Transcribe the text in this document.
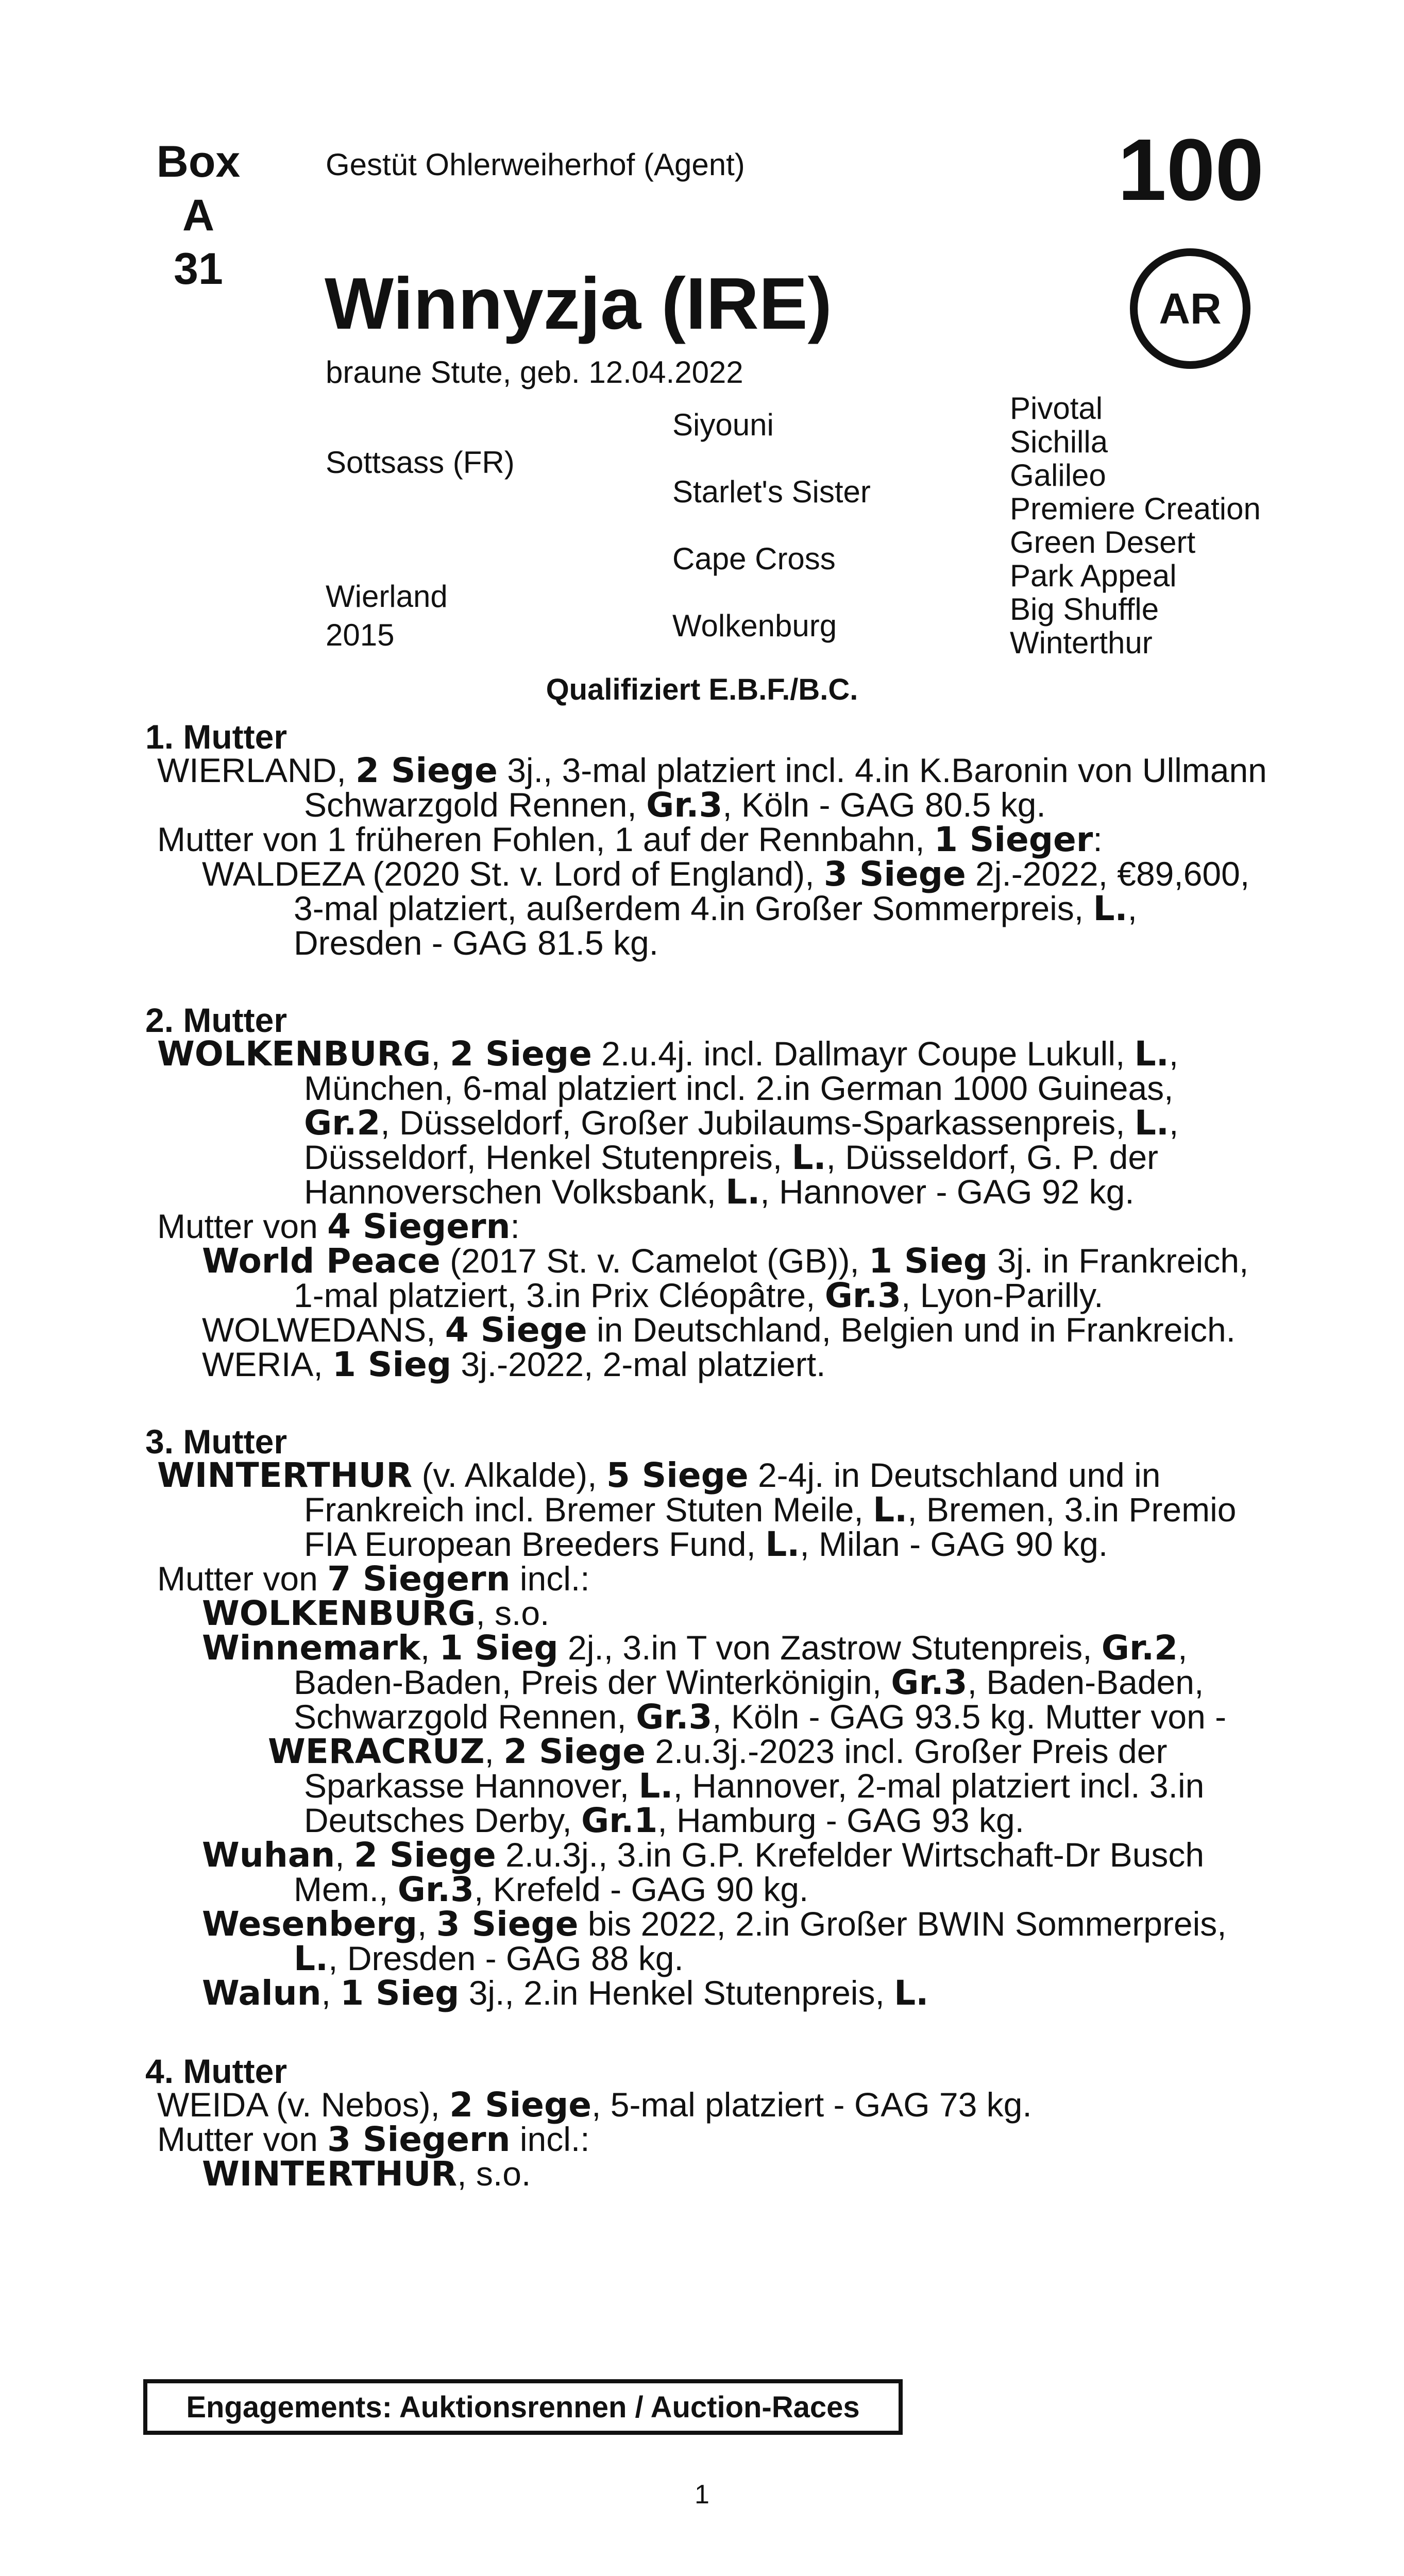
Box
A 31
Gestüt Ohlerweiherhof (Agent)	100
AR
Winnyzja (IRE)
braune Stute, geb. 12.04.2022
Sottsass (FR)
Wierland
2015
Siyouni
Starlet's Sister
Cape Cross
Wolkenburg
Pivotal
Sichilla
Galileo
Premiere Creation
Green Desert
Park Appeal
Big Shuffle
Winterthur
Qualifiziert E.B.F./B.C.
1. Mutter
WIERLAND, 2 Siege 3j., 3-mal platziert incl. 4.in K.Baronin von Ullmann
Schwarzgold Rennen, Gr.3, Köln - GAG 80.5 kg.
Mutter von 1 früheren Fohlen, 1 auf der Rennbahn, 1 Sieger:
WALDEZA (2020 St. v. Lord of England), 3 Siege 2j.-2022, €89,600,
3-mal platziert, außerdem 4.in Großer Sommerpreis, L.,
Dresden - GAG 81.5 kg.
2. Mutter
WOLKENBURG, 2 Siege 2.u.4j. incl. Dallmayr Coupe Lukull, L.,
München, 6-mal platziert incl. 2.in German 1000 Guineas,
Gr.2, Düsseldorf, Großer Jubilaums-Sparkassenpreis, L.,
Düsseldorf, Henkel Stutenpreis, L., Düsseldorf, G. P. der
Hannoverschen Volksbank, L., Hannover - GAG 92 kg.
Mutter von 4 Siegern:
World Peace (2017 St. v. Camelot (GB)), 1 Sieg 3j. in Frankreich,
1-mal platziert, 3.in Prix Cléopâtre, Gr.3, Lyon-Parilly.
WOLWEDANS, 4 Siege in Deutschland, Belgien und in Frankreich.
WERIA, 1 Sieg 3j.-2022, 2-mal platziert.
3. Mutter
WINTERTHUR (v. Alkalde), 5 Siege 2-4j. in Deutschland und in
Frankreich incl. Bremer Stuten Meile, L., Bremen, 3.in Premio
FIA European Breeders Fund, L., Milan - GAG 90 kg.
Mutter von 7 Siegern incl.:
WOLKENBURG, s.o.
Winnemark, 1 Sieg 2j., 3.in T von Zastrow Stutenpreis, Gr.2,
Baden-Baden, Preis der Winterkönigin, Gr.3, Baden-Baden,
Schwarzgold Rennen, Gr.3, Köln - GAG 93.5 kg. Mutter von -
WERACRUZ, 2 Siege 2.u.3j.-2023 incl. Großer Preis der
Sparkasse Hannover, L., Hannover, 2-mal platziert incl. 3.in
Deutsches Derby, Gr.1, Hamburg - GAG 93 kg.
Wuhan, 2 Siege 2.u.3j., 3.in G.P. Krefelder Wirtschaft-Dr Busch
Mem., Gr.3, Krefeld - GAG 90 kg.
Wesenberg, 3 Siege bis 2022, 2.in Großer BWIN Sommerpreis,
L., Dresden - GAG 88 kg.
Walun, 1 Sieg 3j., 2.in Henkel Stutenpreis, L.
4. Mutter
WEIDA (v. Nebos), 2 Siege, 5-mal platziert - GAG 73 kg.
Mutter von 3 Siegern incl.:
WINTERTHUR, s.o.
Engagements: Auktionsrennen / Auction-Races
1
